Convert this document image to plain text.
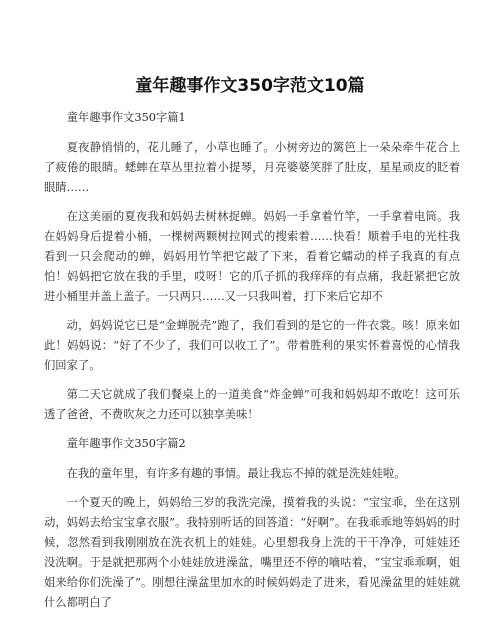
童年趣事作文350字范文10篇

童年趣事作文350字篇1

夏夜静悄悄的，花儿睡了，小草也睡了。小树旁边的篱笆上一朵朵牵牛花合上了疲倦的眼睛。蟋蟀在草丛里拉着小提琴，月亮婆婆笑胖了肚皮，星星顽皮的眨着眼睛……

在这美丽的夏夜我和妈妈去树林捉蝉。妈妈一手拿着竹竿，一手拿着电筒。我在妈妈身后提着小桶，一棵树两颗树拉网式的搜索着……快看！顺着手电的光柱我看到一只会爬动的蝉，妈妈用竹竿把它敲了下来，看着它蠕动的样子我真的有点怕！妈妈把它放在我的手里，哎呀！它的爪子抓的我痒痒的有点痛，我赶紧把它放进小桶里并盖上盖子。一只两只……又一只我叫着，打下来后它却不

动，妈妈说它已是“金蝉脱壳”跑了，我们看到的是它的一件衣裳。咳！原来如此！妈妈说：“好了不少了，我们可以收工了”。带着胜利的果实怀着喜悦的心情我们回家了。

第二天它就成了我们餐桌上的一道美食“炸金蝉”可我和妈妈却不敢吃！这可乐透了爸爸，不费吹灰之力还可以独享美味！

童年趣事作文350字篇2

在我的童年里，有许多有趣的事情。最让我忘不掉的就是洗娃娃啦。

一个夏天的晚上，妈妈给三岁的我洗完澡，摸着我的头说：“宝宝乖，坐在这别动，妈妈去给宝宝拿衣服”。我特别听话的回答道：“好啊”。在我乖乖地等妈妈的时候，忽然看到我刚刚放在洗衣机上的娃娃。心里想我身上洗的干干净净，可娃娃还没洗啊。于是就把那两个小娃娃放进澡盆，嘴里还不停的嘀咕着，“宝宝乖乖啊，姐姐来给你们洗澡了”。刚想往澡盆里加水的时候妈妈走了进来，看见澡盆里的娃娃就什么都明白了
